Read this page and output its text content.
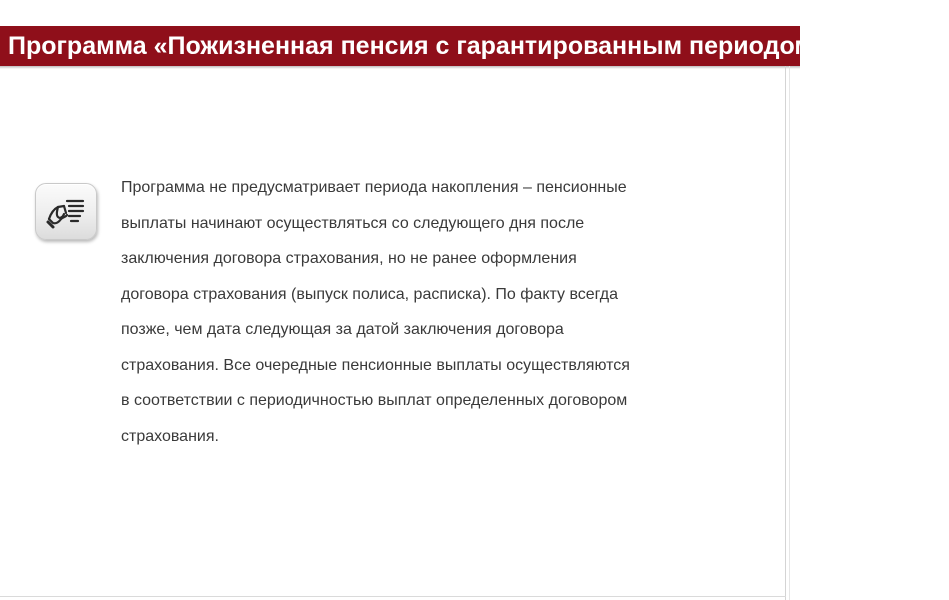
Программа «Пожизненная пенсия с гарантированным периодом выплаты»

Программа не предусматривает периода накопления – пенсионные
выплаты начинают осуществляться со следующего дня после
заключения договора страхования, но не ранее оформления
договора страхования (выпуск полиса, расписка). По факту всегда
позже, чем дата следующая за датой заключения договора
страхования. Все очередные пенсионные выплаты осуществляются
в соответствии с периодичностью выплат определенных договором
страхования.
